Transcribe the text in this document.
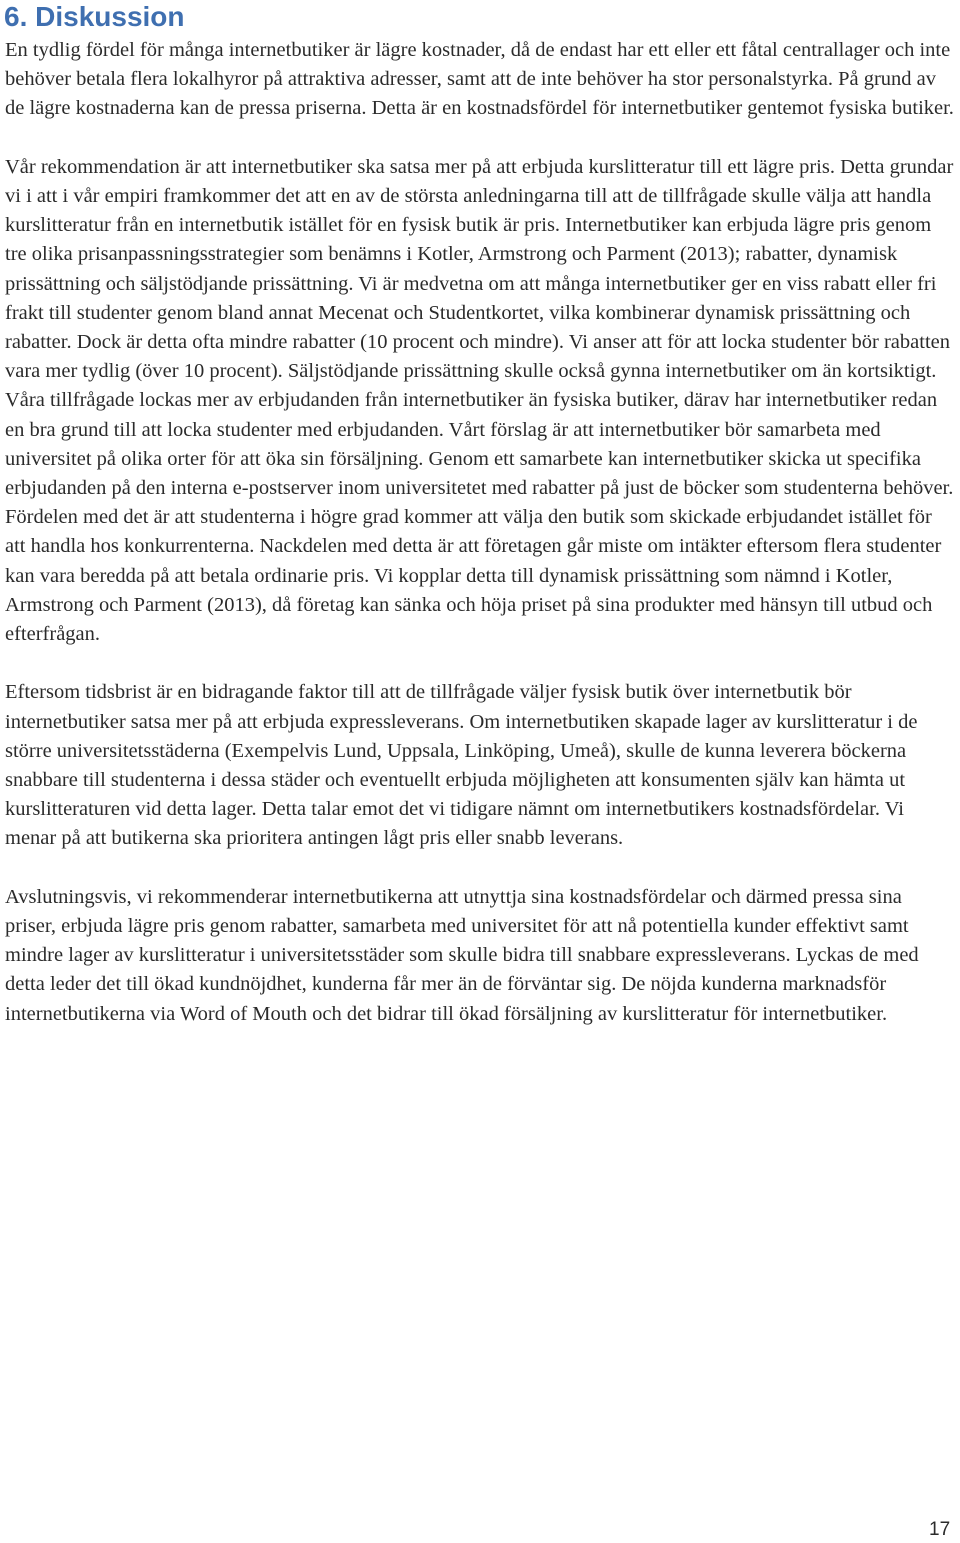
6. Diskussion

En tydlig fördel för många internetbutiker är lägre kostnader, då de endast har ett eller ett fåtal centrallager och inte behöver betala flera lokalhyror på attraktiva adresser, samt att de inte behöver ha stor personalstyrka. På grund av de lägre kostnaderna kan de pressa priserna. Detta är en kostnadsfördel för internetbutiker gentemot fysiska butiker.

Vår rekommendation är att internetbutiker ska satsa mer på att erbjuda kurslitteratur till ett lägre pris. Detta grundar vi i att i vår empiri framkommer det att en av de största anledningarna till att de tillfrågade skulle välja att handla kurslitteratur från en internetbutik istället för en fysisk butik är pris. Internetbutiker kan erbjuda lägre pris genom tre olika prisanpassningsstrategier som benämns i Kotler, Armstrong och Parment (2013); rabatter, dynamisk prissättning och säljstödjande prissättning. Vi är medvetna om att många internetbutiker ger en viss rabatt eller fri frakt till studenter genom bland annat Mecenat och Studentkortet, vilka kombinerar dynamisk prissättning och rabatter. Dock är detta ofta mindre rabatter (10 procent och mindre). Vi anser att för att locka studenter bör rabatten vara mer tydlig (över 10 procent). Säljstödjande prissättning skulle också gynna internetbutiker om än kortsiktigt.

Våra tillfrågade lockas mer av erbjudanden från internetbutiker än fysiska butiker, därav har internetbutiker redan en bra grund till att locka studenter med erbjudanden. Vårt förslag är att internetbutiker bör samarbeta med universitet på olika orter för att öka sin försäljning. Genom ett samarbete kan internetbutiker skicka ut specifika erbjudanden på den interna e-postserver inom universitetet med rabatter på just de böcker som studenterna behöver. Fördelen med det är att studenterna i högre grad kommer att välja den butik som skickade erbjudandet istället för att handla hos konkurrenterna. Nackdelen med detta är att företagen går miste om intäkter eftersom flera studenter kan vara beredda på att betala ordinarie pris. Vi kopplar detta till dynamisk prissättning som nämnd i Kotler, Armstrong och Parment (2013), då företag kan sänka och höja priset på sina produkter med hänsyn till utbud och efterfrågan.

Eftersom tidsbrist är en bidragande faktor till att de tillfrågade väljer fysisk butik över internetbutik bör internetbutiker satsa mer på att erbjuda expressleverans. Om internetbutiken skapade lager av kurslitteratur i de större universitetsstäderna (Exempelvis Lund, Uppsala, Linköping, Umeå), skulle de kunna leverera böckerna snabbare till studenterna i dessa städer och eventuellt erbjuda möjligheten att konsumenten själv kan hämta ut kurslitteraturen vid detta lager. Detta talar emot det vi tidigare nämnt om internetbutikers kostnadsfördelar. Vi menar på att butikerna ska prioritera antingen lågt pris eller snabb leverans.

Avslutningsvis, vi rekommenderar internetbutikerna att utnyttja sina kostnadsfördelar och därmed pressa sina priser, erbjuda lägre pris genom rabatter, samarbeta med universitet för att nå potentiella kunder effektivt samt mindre lager av kurslitteratur i universitetsstäder som skulle bidra till snabbare expressleverans. Lyckas de med detta leder det till ökad kundnöjdhet, kunderna får mer än de förväntar sig. De nöjda kunderna marknadsför internetbutikerna via Word of Mouth och det bidrar till ökad försäljning av kurslitteratur för internetbutiker.

17
